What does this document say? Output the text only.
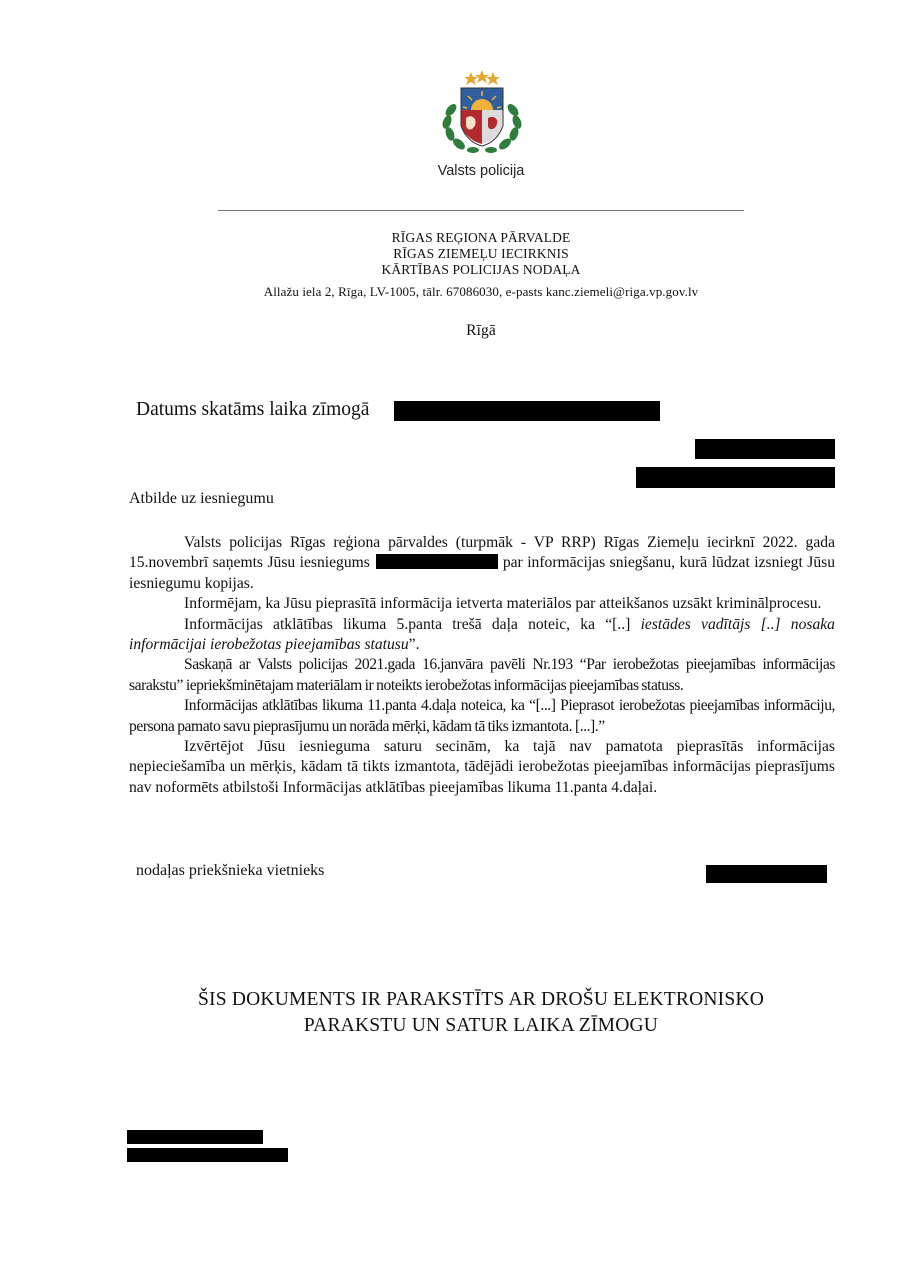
Valsts policija
RĪGAS REĢIONA PĀRVALDE
RĪGAS ZIEMEĻU IECIRKNIS
KĀRTĪBAS POLICIJAS NODAĻA
Allažu iela 2, Rīga, LV-1005, tālr. 67086030, e-pasts kanc.ziemeli@riga.vp.gov.lv
Rīgā
Datums skatāms laika zīmogā
Atbilde uz iesniegumu

Valsts policijas Rīgas reģiona pārvaldes (turpmāk - VP RRP) Rīgas Ziemeļu iecirknī 2022. gada 15.novembrī saņemts Jūsu iesniegums	par informācijas sniegšanu, kurā lūdzat izsniegt Jūsu iesniegumu kopijas.

Informējam, ka Jūsu pieprasītā informācija ietverta materiālos par atteikšanos uzsākt kriminālprocesu.

Informācijas atklātības likuma 5.panta trešā daļa noteic, ka “[..] iestādes vadītājs [..] nosaka informācijai ierobežotas pieejamības statusu”.

Saskaņā ar Valsts policijas 2021.gada 16.janvāra pavēli Nr.193 “Par ierobežotas pieejamības informācijas sarakstu” iepriekšminētajam materiālam ir noteikts ierobežotas informācijas pieejamības statuss.

Informācijas atklātības likuma 11.panta 4.daļa noteica, ka “[...] Pieprasot ierobežotas pieejamības informāciju, persona pamato savu pieprasījumu un norāda mērķi, kādam tā tiks izmantota. [...].”

Izvērtējot Jūsu iesnieguma saturu secinām, ka tajā nav pamatota pieprasītās informācijas nepieciešamība un mērķis, kādam tā tikts izmantota, tādējādi ierobežotas pieejamības informācijas pieprasījums nav noformēts atbilstoši Informācijas atklātības pieejamības likuma 11.panta 4.daļai.

nodaļas priekšnieka vietnieks
ŠIS DOKUMENTS IR PARAKSTĪTS AR DROŠU ELEKTRONISKO
PARAKSTU UN SATUR LAIKA ZĪMOGU
